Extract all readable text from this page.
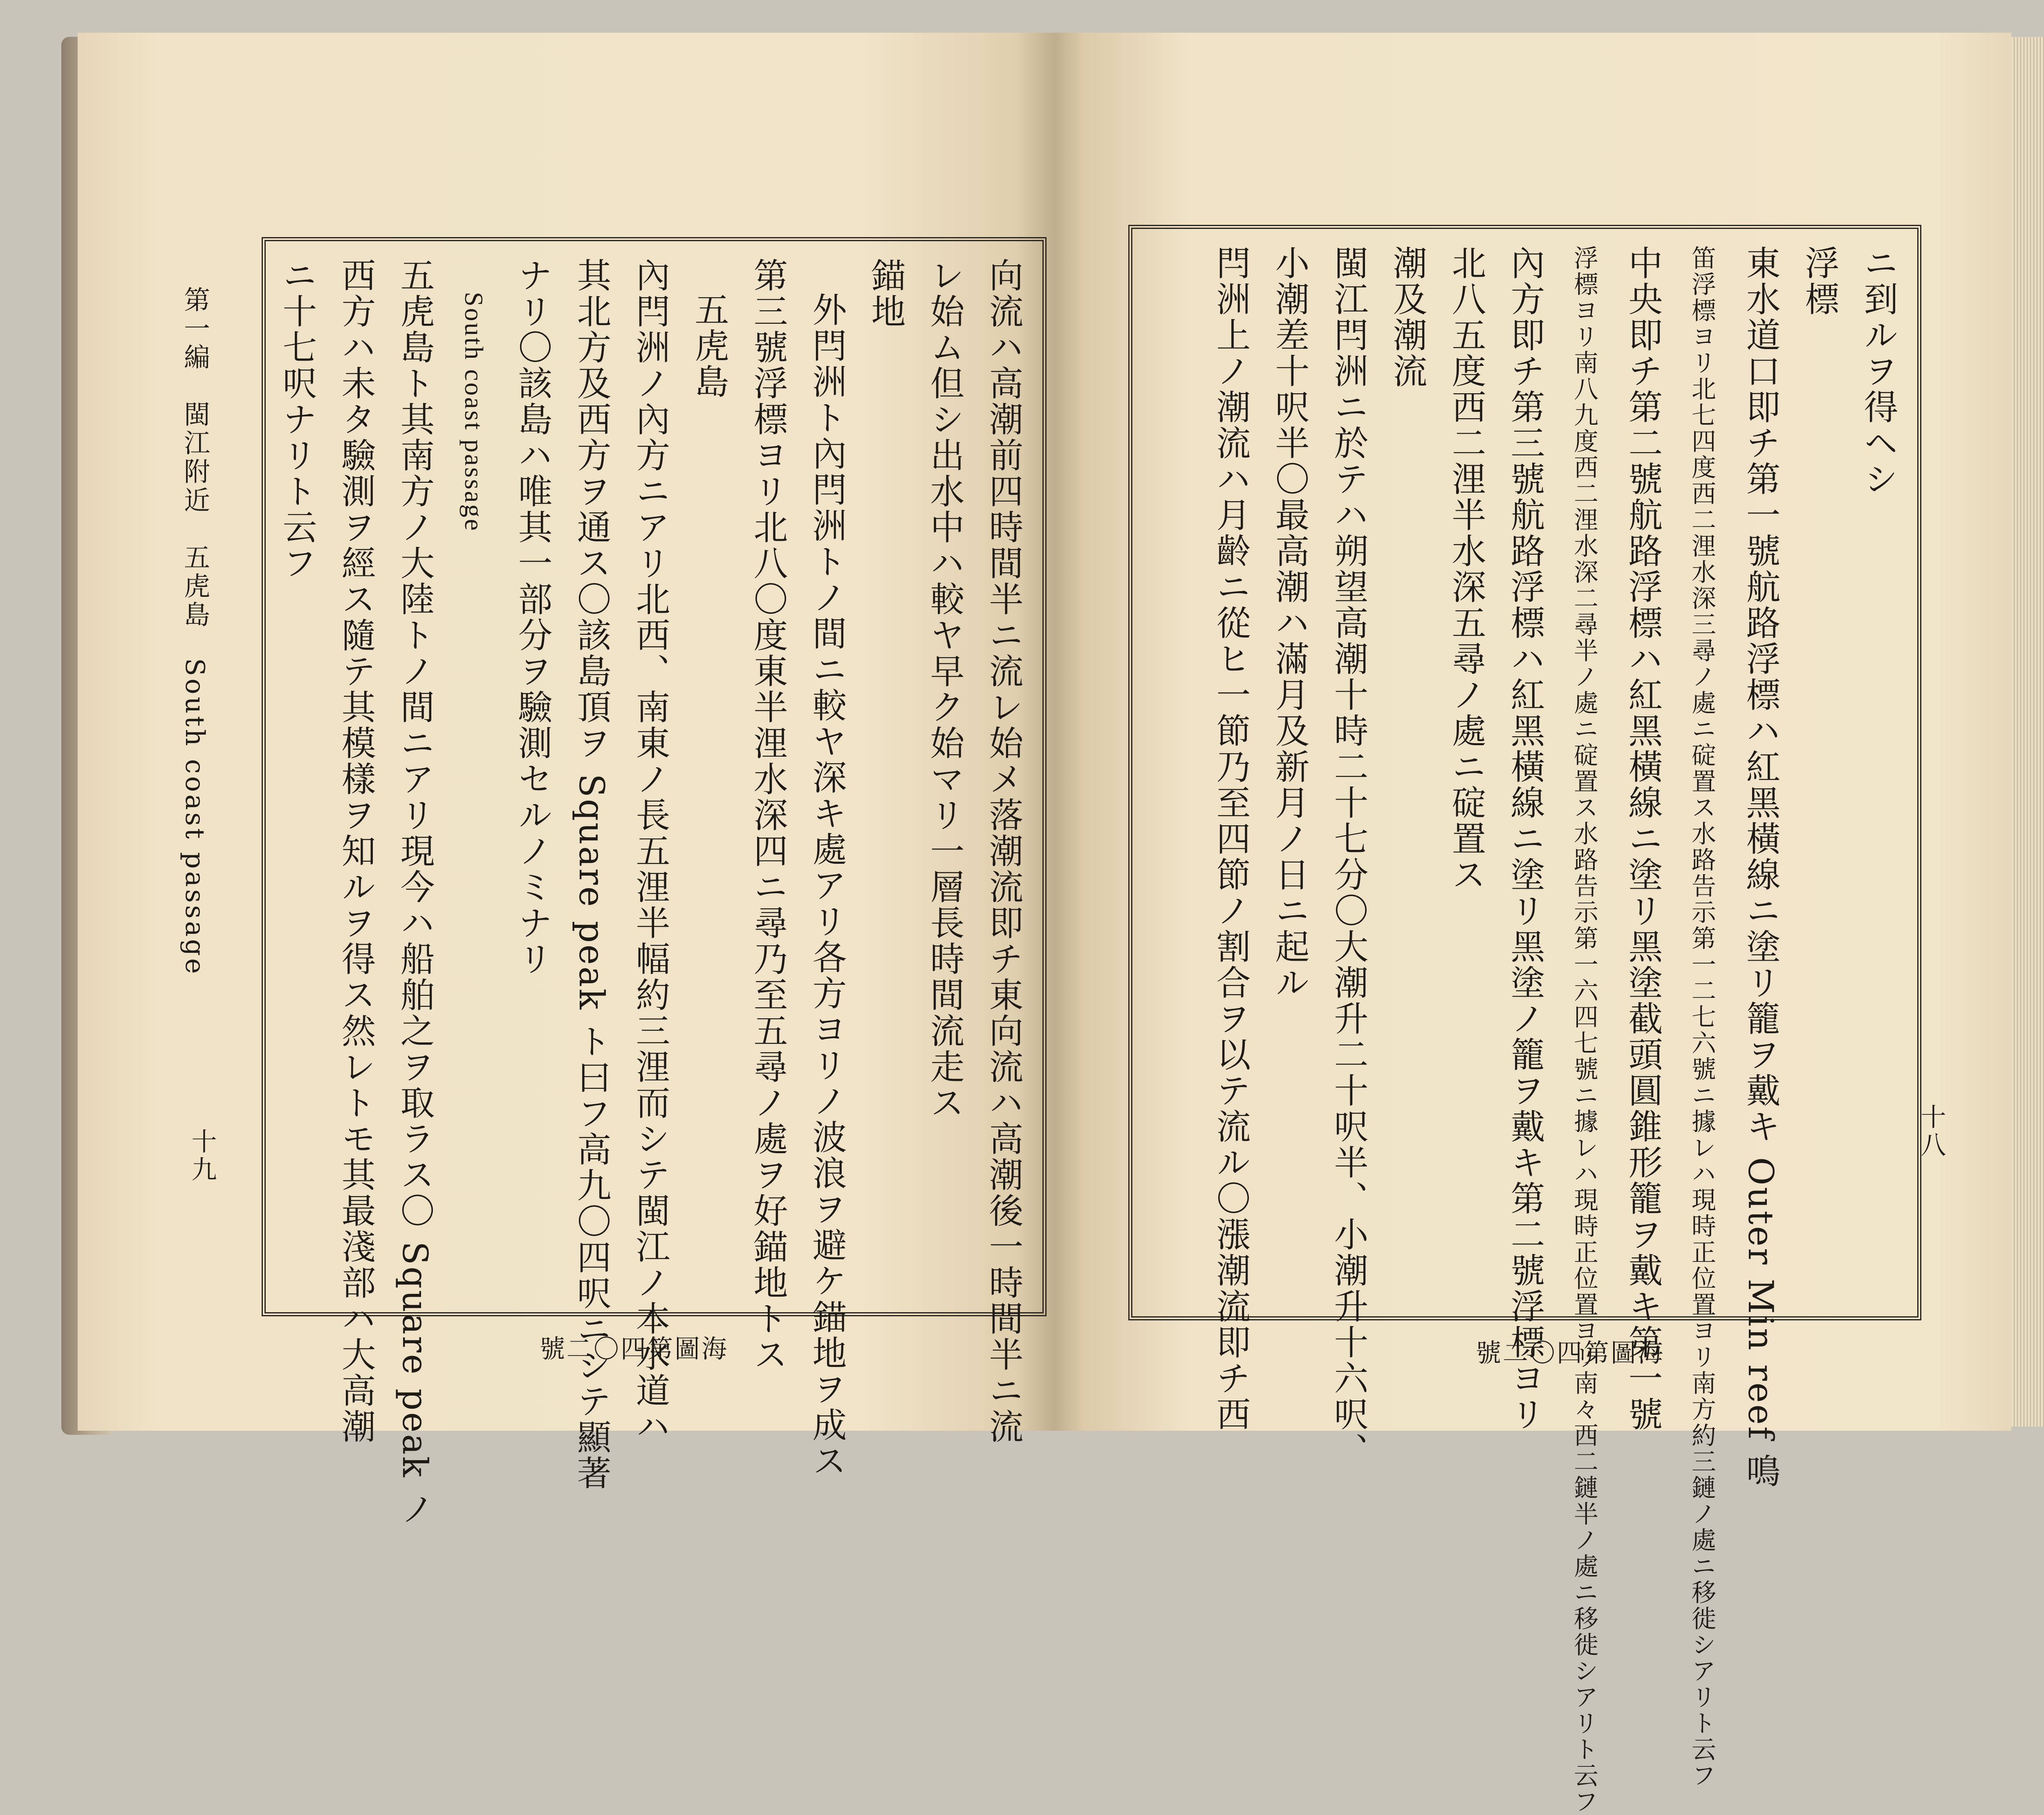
第一編　閩江附近　五虎島　South coast passage
十九	向流ハ高潮前四時間半ニ流レ始メ落潮流即チ東向流ハ高潮後一時間半ニ流
レ始ム但シ出水中ハ較ヤ早ク始マリ一層長時間流走ス
錨地
外閂洲ト內閂洲トノ間ニ較ヤ深キ處アリ各方ヨリノ波浪ヲ避ケ錨地ヲ成ス
第三號浮標ヨリ北八〇度東半浬水深四ニ尋乃至五尋ノ處ヲ好錨地トス
五虎島
內閂洲ノ內方ニアリ北西、南東ノ長五浬半幅約三浬而シテ閩江ノ本水道ハ
其北方及西方ヲ通ス〇該島頂ヲ Square peak ト曰フ高九〇四呎ニシテ顯著
ナリ〇該島ハ唯其一部分ヲ驗測セルノミナリ
South coast passage
五虎島ト其南方ノ大陸トノ間ニアリ現今ハ船舶之ヲ取ラス〇 Square peak ノ
西方ハ未タ驗測ヲ經ス隨テ其模樣ヲ知ルヲ得ス然レトモ其最淺部ハ大高潮
ニ十七呎ナリト云フ
號二〇四第圖海
十八
ニ到ルヲ得ヘシ
浮標
東水道口即チ第一號航路浮標ハ紅黑橫線ニ塗リ籠ヲ戴キ Outer Min reef 鳴
笛浮標ヨリ北七四度西二浬水深三尋ノ處ニ碇置ス水路告示第一二七六號ニ據レハ現時正位置ヨリ南方約三鏈ノ處ニ移徙シアリト云フ
中央即チ第二號航路浮標ハ紅黑橫線ニ塗リ黑塗截頭圓錐形籠ヲ戴キ第一號
浮標ヨリ南八九度西二浬水深二尋半ノ處ニ碇置ス水路告示第一六四七號ニ據レハ現時正位置ヨリ南々西二鏈半ノ處ニ移徙シアリト云フ
內方即チ第三號航路浮標ハ紅黑橫線ニ塗リ黑塗ノ籠ヲ戴キ第二號浮標ヨリ
北八五度西二浬半水深五尋ノ處ニ碇置ス
潮及潮流
閩江閂洲ニ於テハ朔望高潮十時二十七分〇大潮升二十呎半、小潮升十六呎、
小潮差十呎半〇最高潮ハ滿月及新月ノ日ニ起ル
閂洲上ノ潮流ハ月齡ニ從ヒ一節乃至四節ノ割合ヲ以テ流ル〇漲潮流即チ西	號二〇四第圖海
